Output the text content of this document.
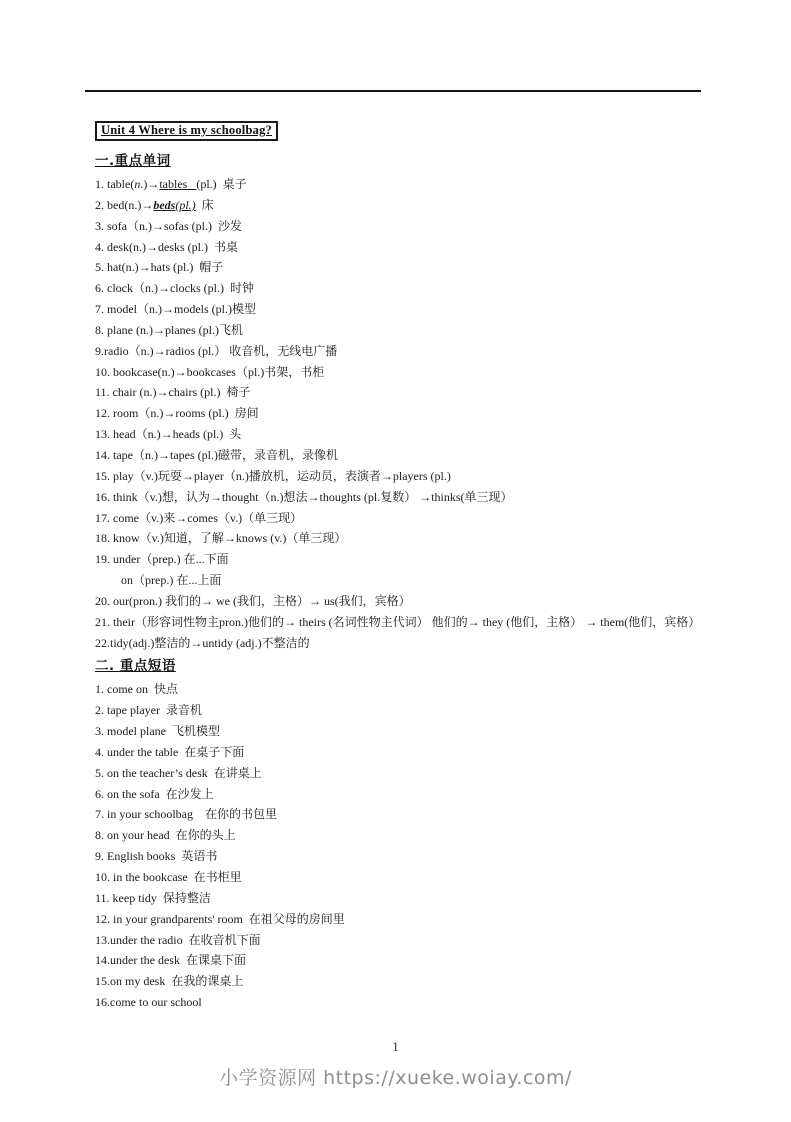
Unit 4 Where is my schoolbag?
一.重点单词
1. table(n.)→tables   (pl.)  桌子
2. bed(n.)→beds(pl.)  床
3. sofa（n.)→sofas (pl.)  沙发
4. desk(n.)→desks (pl.)  书桌
5. hat(n.)→hats (pl.)  帽子
6. clock（n.)→clocks (pl.)  时钟
7. model（n.)→models (pl.)模型
8. plane (n.)→planes (pl.)飞机
9.radio（n.)→radios (pl.） 收音机，无线电广播
10. bookcase(n.)→bookcases（pl.)书架，书柜
11. chair (n.)→chairs (pl.)  椅子
12. room（n.)→rooms (pl.)  房间
13. head（n.)→heads (pl.)  头
14. tape（n.)→tapes (pl.)磁带，录音机，录像机
15. play（v.)玩耍→player（n.)播放机，运动员，表演者→players (pl.)
16. think（v.)想，认为→thought（n.)想法→thoughts (pl.复数） →thinks(单三现）
17. come（v.)来→comes（v.)（单三现）
18. know（v.)知道，了解→knows (v.)（单三现）
19. under（prep.) 在...下面
on（prep.) 在...上面
20. our(pron.) 我们的→ we (我们，主格）→ us(我们，宾格）
21. their（形容词性物主pron.)他们的→ theirs (名词性物主代词） 他们的→ they (他们，主格） → them(他们，宾格）
22.tidy(adj.)整洁的→untidy (adj.)不整洁的
二. 重点短语
1. come on  快点
2. tape player  录音机
3. model plane  飞机模型
4. under the table  在桌子下面
5. on the teacher’s desk  在讲桌上
6. on the sofa  在沙发上
7. in your schoolbag    在你的书包里
8. on your head  在你的头上
9. English books  英语书
10. in the bookcase  在书柜里
11. keep tidy  保持整洁
12. in your grandparents' room  在祖父母的房间里
13.under the radio  在收音机下面
14.under the desk  在课桌下面
15.on my desk  在我的课桌上
16.come to our school
1
小学资源网 https://xueke.woiay.com/
